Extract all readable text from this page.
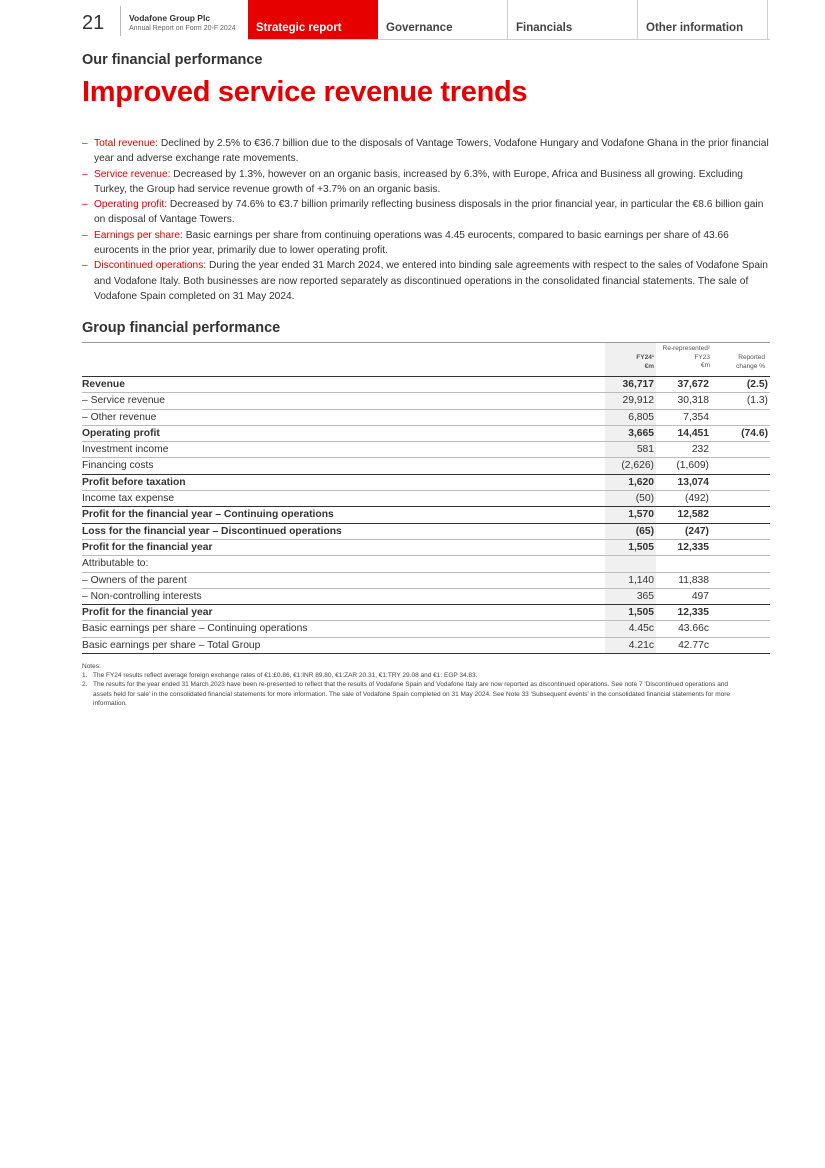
21	Vodafone Group Plc
Annual Report on Form 20-F 2024 Strategic report	Governance	Financials	Other information
Our financial performance
Improved service revenue trends
– Total revenue: Declined by 2.5% to €36.7 billion due to the disposals of Vantage Towers, Vodafone Hungary and Vodafone Ghana in the prior financial year and adverse exchange rate movements.
– Service revenue: Decreased by 1.3%, however on an organic basis, increased by 6.3%, with Europe, Africa and Business all growing. Excluding Turkey, the Group had service revenue growth of +3.7% on an organic basis.
– Operating profit: Decreased by 74.6% to €3.7 billion primarily reflecting business disposals in the prior financial year, in particular the €8.6 billion gain on disposal of Vantage Towers.
– Earnings per share: Basic earnings per share from continuing operations was 4.45 eurocents, compared to basic earnings per share of 43.66 eurocents in the prior year, primarily due to lower operating profit.
– Discontinued operations: During the year ended 31 March 2024, we entered into binding sale agreements with respect to the sales of Vodafone Spain and Vodafone Italy. Both businesses are now reported separately as discontinued operations in the consolidated financial statements. The sale of Vodafone Spain completed on 31 May 2024.
Group financial performance
FY24¹
€m
Re-represented²
FY23
€m
Reported
change %
Revenue	36,717	37,672	(2.5)
– Service revenue	29,912	30,318	(1.3)
– Other revenue	6,805	7,354	
Operating profit	3,665	14,451	(74.6)
Investment income	581	232	
Financing costs	(2,626)	(1,609)	
Profit before taxation	1,620	13,074	
Income tax expense	(50)	(492)	
Profit for the financial year – Continuing operations	1,570	12,582	
Loss for the financial year – Discontinued operations	(65)	(247)	
Profit for the financial year	1,505	12,335	
Attributable to:			
– Owners of the parent	1,140	11,838	
– Non-controlling interests	365	497	
Profit for the financial year	1,505	12,335	
Basic earnings per share – Continuing operations	4.45c	43.66c	
Basic earnings per share – Total Group	4.21c	42.77c	
Notes:
1. The FY24 results reflect average foreign exchange rates of €1:£0.86, €1:INR 89.80, €1:ZAR 20.31, €1:TRY 29.08 and €1: EGP 34.83.
2. The results for the year ended 31 March 2023 have been re-presented to reflect that the results of Vodafone Spain and Vodafone Italy are now reported as discontinued operations. See note 7 'Discontinued operations and assets held for sale' in the consolidated financial statements for more information. The sale of Vodafone Spain completed on 31 May 2024. See Note 33 'Subsequent events' in the consolidated financial statements for more information.
